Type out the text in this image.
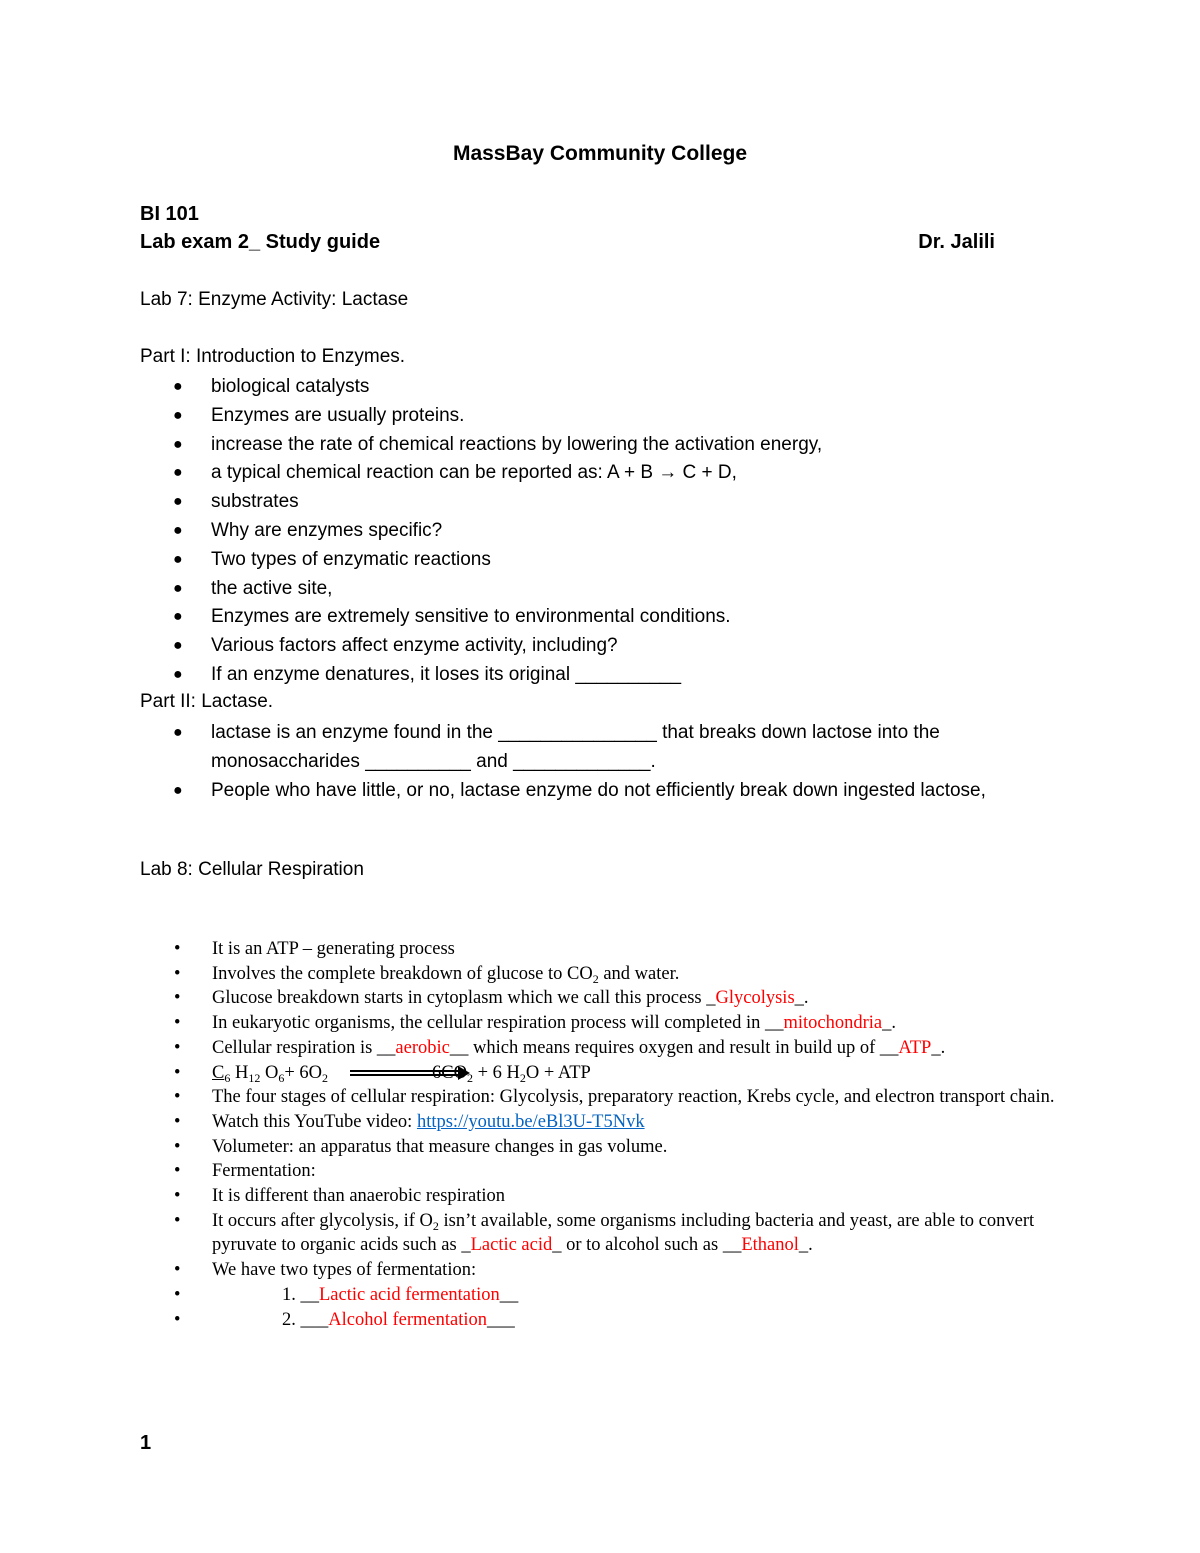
MassBay Community College
BI 101
Lab exam 2_ Study guide	Dr. Jalili
Lab 7: Enzyme Activity: Lactase
Part I: Introduction to Enzymes.
● biological catalysts
● Enzymes are usually proteins.
● increase the rate of chemical reactions by lowering the activation energy,
● a typical chemical reaction can be reported as: A + B → C + D,
● substrates
● Why are enzymes specific?
● Two types of enzymatic reactions
● the active site,
● Enzymes are extremely sensitive to environmental conditions.
● Various factors affect enzyme activity, including?
● If an enzyme denatures, it loses its original __________
Part II: Lactase.
● lactase is an enzyme found in the _______________ that breaks down lactose into the monosaccharides __________ and _____________.
● People who have little, or no, lactase enzyme do not efficiently break down ingested lactose,
Lab 8: Cellular Respiration
• It is an ATP – generating process
• Involves the complete breakdown of glucose to $CO_2$ and water.
• Glucose breakdown starts in cytoplasm which we call this process _Glycolysis_.
• In eukaryotic organisms, the cellular respiration process will completed in __mitochondria_.
• Cellular respiration is __aerobic__ which means requires oxygen and result in build up of __ATP_.
• $C_6$ $H_{12}$ $O_6+ 6O_2$	$6CO_2 + 6$ $H_2O$ + ATP
• The four stages of cellular respiration: Glycolysis, preparatory reaction, Krebs cycle, and electron transport chain.
• Watch this YouTube video: https://youtu.be/eBl3U-T5Nvk
• Volumeter: an apparatus that measure changes in gas volume.
• Fermentation:
• It is different than anaerobic respiration
• It occurs after glycolysis, if $O_2$ isn’t available, some organisms including bacteria and yeast, are able to convert pyruvate to organic acids such as _Lactic acid_ or to alcohol such as __Ethanol_.
• We have two types of fermentation:
•	1. __Lactic acid fermentation__
•	2. ___Alcohol fermentation___
1
